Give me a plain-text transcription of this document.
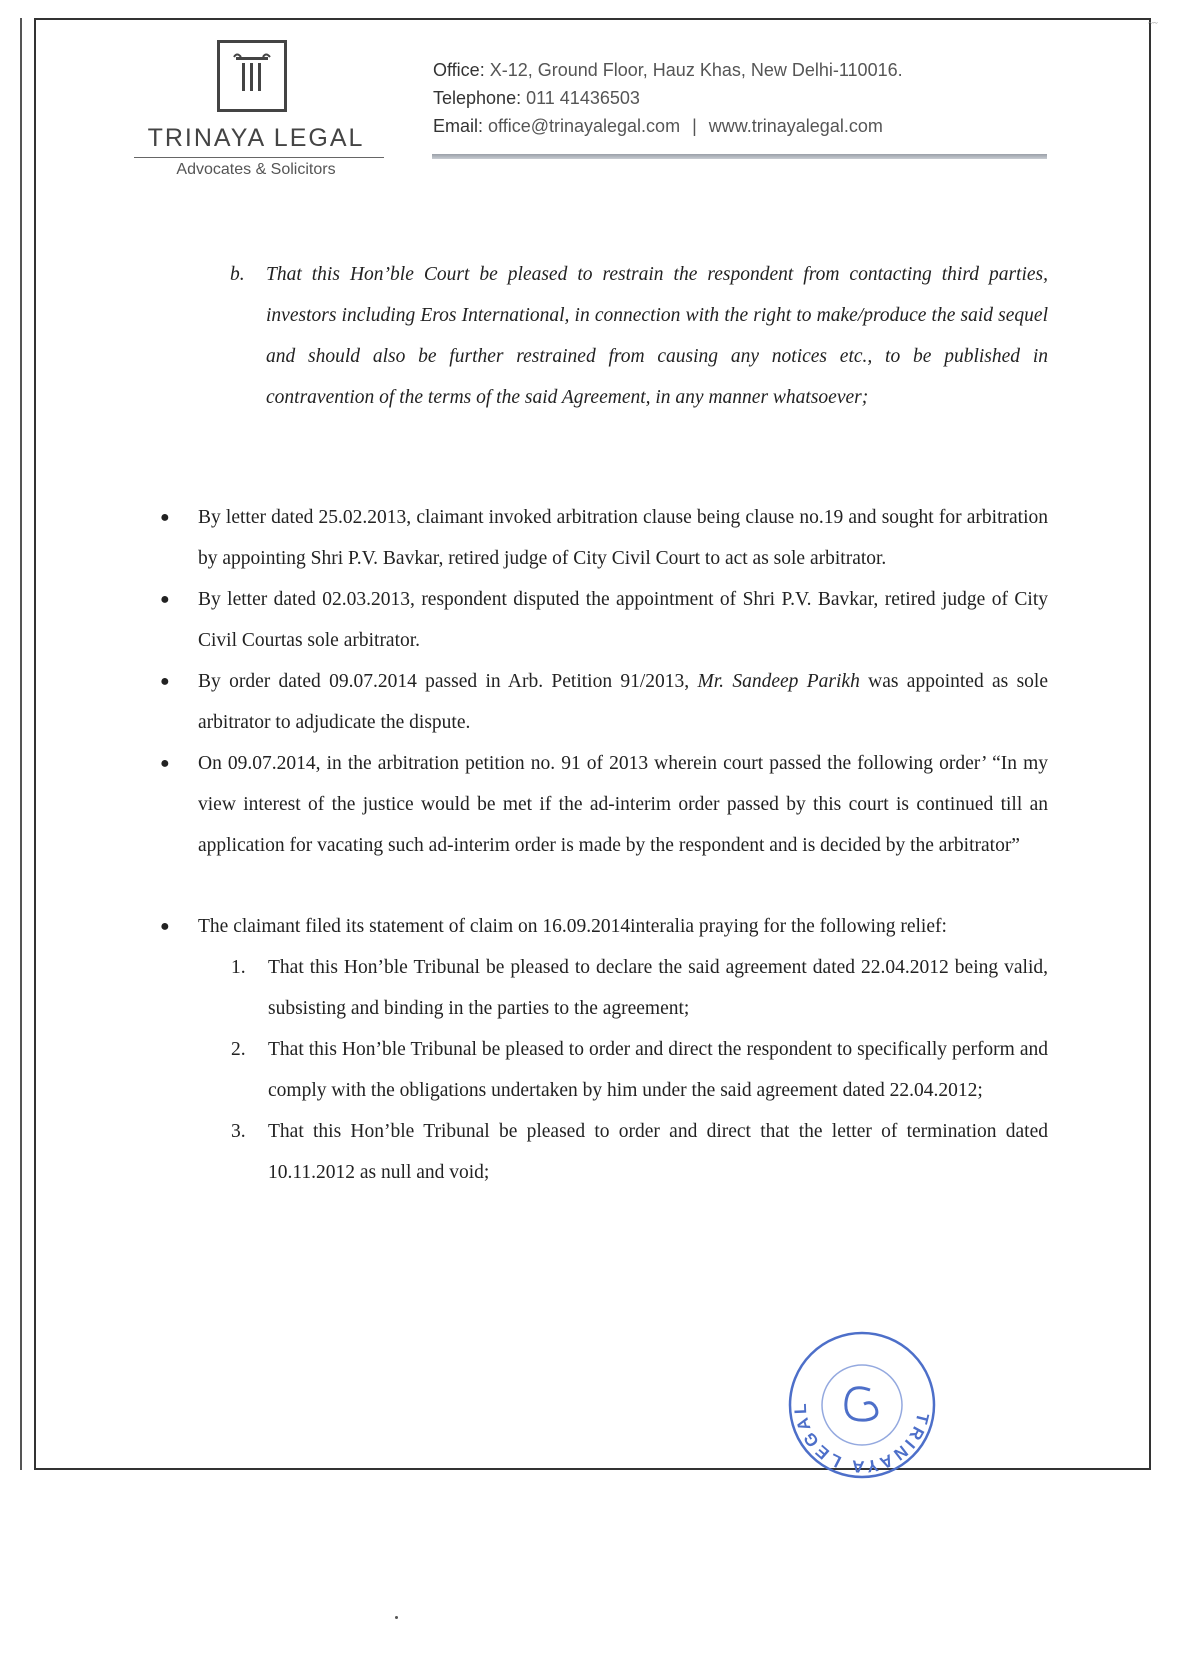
~~
TRINAYA LEGAL
Advocates & Solicitors
Office: X-12, Ground Floor, Hauz Khas, New Delhi-110016.
Telephone: 011 41436503
Email: office@trinayalegal.com | www.trinayalegal.com
b. That this Hon’ble Court be pleased to restrain the respondent from contacting third parties, investors including Eros International, in connection with the right to make/produce the said sequel and should also be further restrained from causing any notices etc., to be published in contravention of the terms of the said Agreement, in any manner whatsoever;
● By letter dated 25.02.2013, claimant invoked arbitration clause being clause no.19 and sought for arbitration by appointing Shri P.V. Bavkar, retired judge of City Civil Court to act as sole arbitrator.
● By letter dated 02.03.2013, respondent disputed the appointment of Shri P.V. Bavkar, retired judge of City Civil Courtas sole arbitrator.
● By order dated 09.07.2014 passed in Arb. Petition 91/2013, Mr. Sandeep Parikh was appointed as sole arbitrator to adjudicate the dispute.
● On 09.07.2014, in the arbitration petition no. 91 of 2013 wherein court passed the following order’ “In my view interest of the justice would be met if the ad-interim order passed by this court is continued till an application for vacating such ad-interim order is made by the respondent and is decided by the arbitrator”
● The claimant filed its statement of claim on 16.09.2014interalia praying for the following relief:
1. That this Hon’ble Tribunal be pleased to declare the said agreement dated 22.04.2012 being valid, subsisting and binding in the parties to the agreement;
2. That this Hon’ble Tribunal be pleased to order and direct the respondent to specifically perform and comply with the obligations undertaken by him under the said agreement dated 22.04.2012;
3. That this Hon’ble Tribunal be pleased to order and direct that the letter of termination dated 10.11.2012 as null and void;
TRINAYA LEGAL
